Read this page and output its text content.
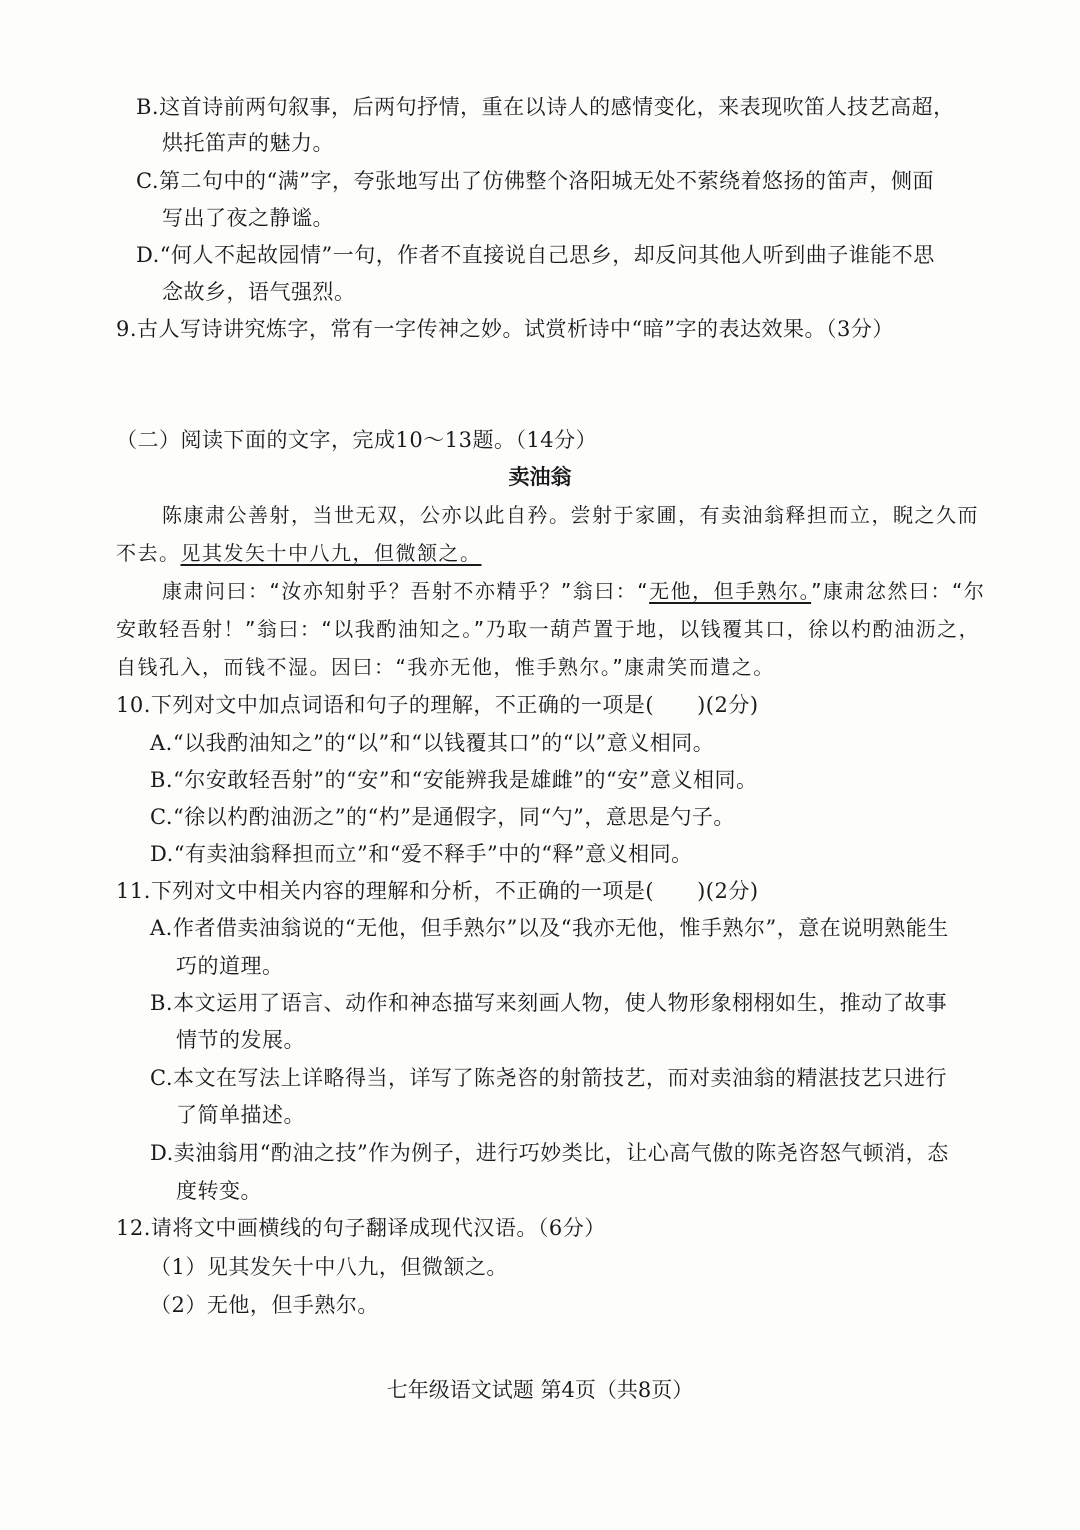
B.这首诗前两句叙事，后两句抒情，重在以诗人的感情变化，来表现吹笛人技艺高超，
烘托笛声的魅力。
C.第二句中的“满”字，夸张地写出了仿佛整个洛阳城无处不萦绕着悠扬的笛声，侧面
写出了夜之静谧。
D.“何人不起故园情”一句，作者不直接说自己思乡，却反问其他人听到曲子谁能不思
念故乡，语气强烈。
9.古人写诗讲究炼字，常有一字传神之妙。试赏析诗中“暗”字的表达效果。（3分）
（二）阅读下面的文字，完成10～13题。（14分）
卖油翁
陈康肃公善射，当世无双，公亦以此自矜。尝射于家圃，有卖油翁释担而立，睨之久而
不去。见其发矢十中八九，但微颔之。
康肃问曰：“汝亦知射乎？吾射不亦精乎？”翁曰：“无他，但手熟尔。”康肃忿然曰：“尔
安敢轻吾射！”翁曰：“以我酌油知之。”乃取一葫芦置于地，以钱覆其口，徐以杓酌油沥之，
自钱孔入，而钱不湿。因曰：“我亦无他，惟手熟尔。”康肃笑而遣之。
10.下列对文中加点词语和句子的理解，不正确的一项是(　　)(2分)
A.“以我酌油知之”的“以”和“以钱覆其口”的“以”意义相同。
B.“尔安敢轻吾射”的“安”和“安能辨我是雄雌”的“安”意义相同。
C.“徐以杓酌油沥之”的“杓”是通假字，同“勺”，意思是勺子。
D.“有卖油翁释担而立”和“爱不释手”中的“释”意义相同。
11.下列对文中相关内容的理解和分析，不正确的一项是(　　)(2分)
A.作者借卖油翁说的“无他，但手熟尔”以及“我亦无他，惟手熟尔”，意在说明熟能生
巧的道理。
B.本文运用了语言、动作和神态描写来刻画人物，使人物形象栩栩如生，推动了故事
情节的发展。
C.本文在写法上详略得当，详写了陈尧咨的射箭技艺，而对卖油翁的精湛技艺只进行
了简单描述。
D.卖油翁用“酌油之技”作为例子，进行巧妙类比，让心高气傲的陈尧咨怒气顿消，态
度转变。
12.请将文中画横线的句子翻译成现代汉语。（6分）
（1）见其发矢十中八九，但微颔之。
（2）无他，但手熟尔。
七年级语文试题 第4页（共8页）
